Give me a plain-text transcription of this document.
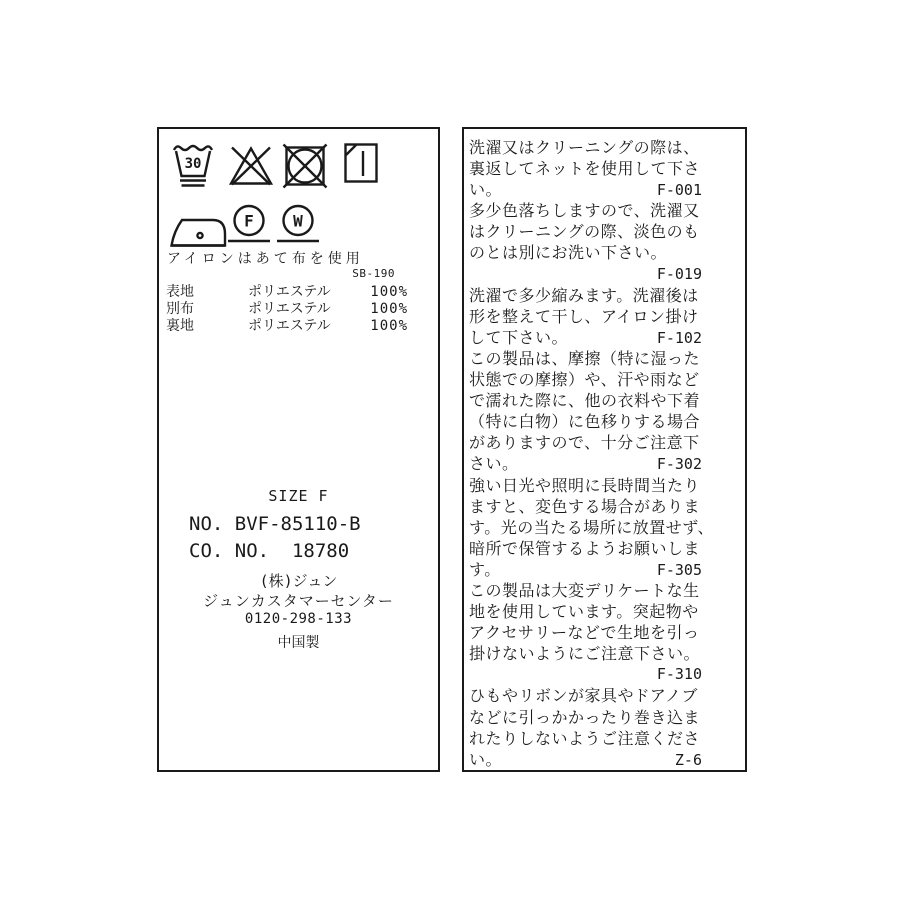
30
F W
アイロンはあて布を使用
SB-190
表地	ポリエステル	100%
別布	ポリエステル	100%
裏地	ポリエステル	100%
SIZE F
NO. BVF-85110-B
CO. NO.  18780
(株)ジュン
ジュンカスタマーセンター
0120-298-133
中国製
洗濯又はクリーニングの際は、
裏返してネットを使用して下さ
い。	F-001
多少色落ちしますので、洗濯又
はクリーニングの際、淡色のも
のとは別にお洗い下さい。
F-019
洗濯で多少縮みます。洗濯後は
形を整えて干し、アイロン掛け
して下さい。	F-102
この製品は、摩擦（特に湿った
状態での摩擦）や、汗や雨など
で濡れた際に、他の衣料や下着
（特に白物）に色移りする場合
がありますので、十分ご注意下
さい。	F-302
強い日光や照明に長時間当たり
ますと、変色する場合がありま
す。光の当たる場所に放置せず、
暗所で保管するようお願いしま
す。	F-305
この製品は大変デリケートな生
地を使用しています。突起物や
アクセサリーなどで生地を引っ
掛けないようにご注意下さい。
F-310
ひもやリボンが家具やドアノブ
などに引っかかったり巻き込ま
れたりしないようご注意くださ
い。	Z-6
